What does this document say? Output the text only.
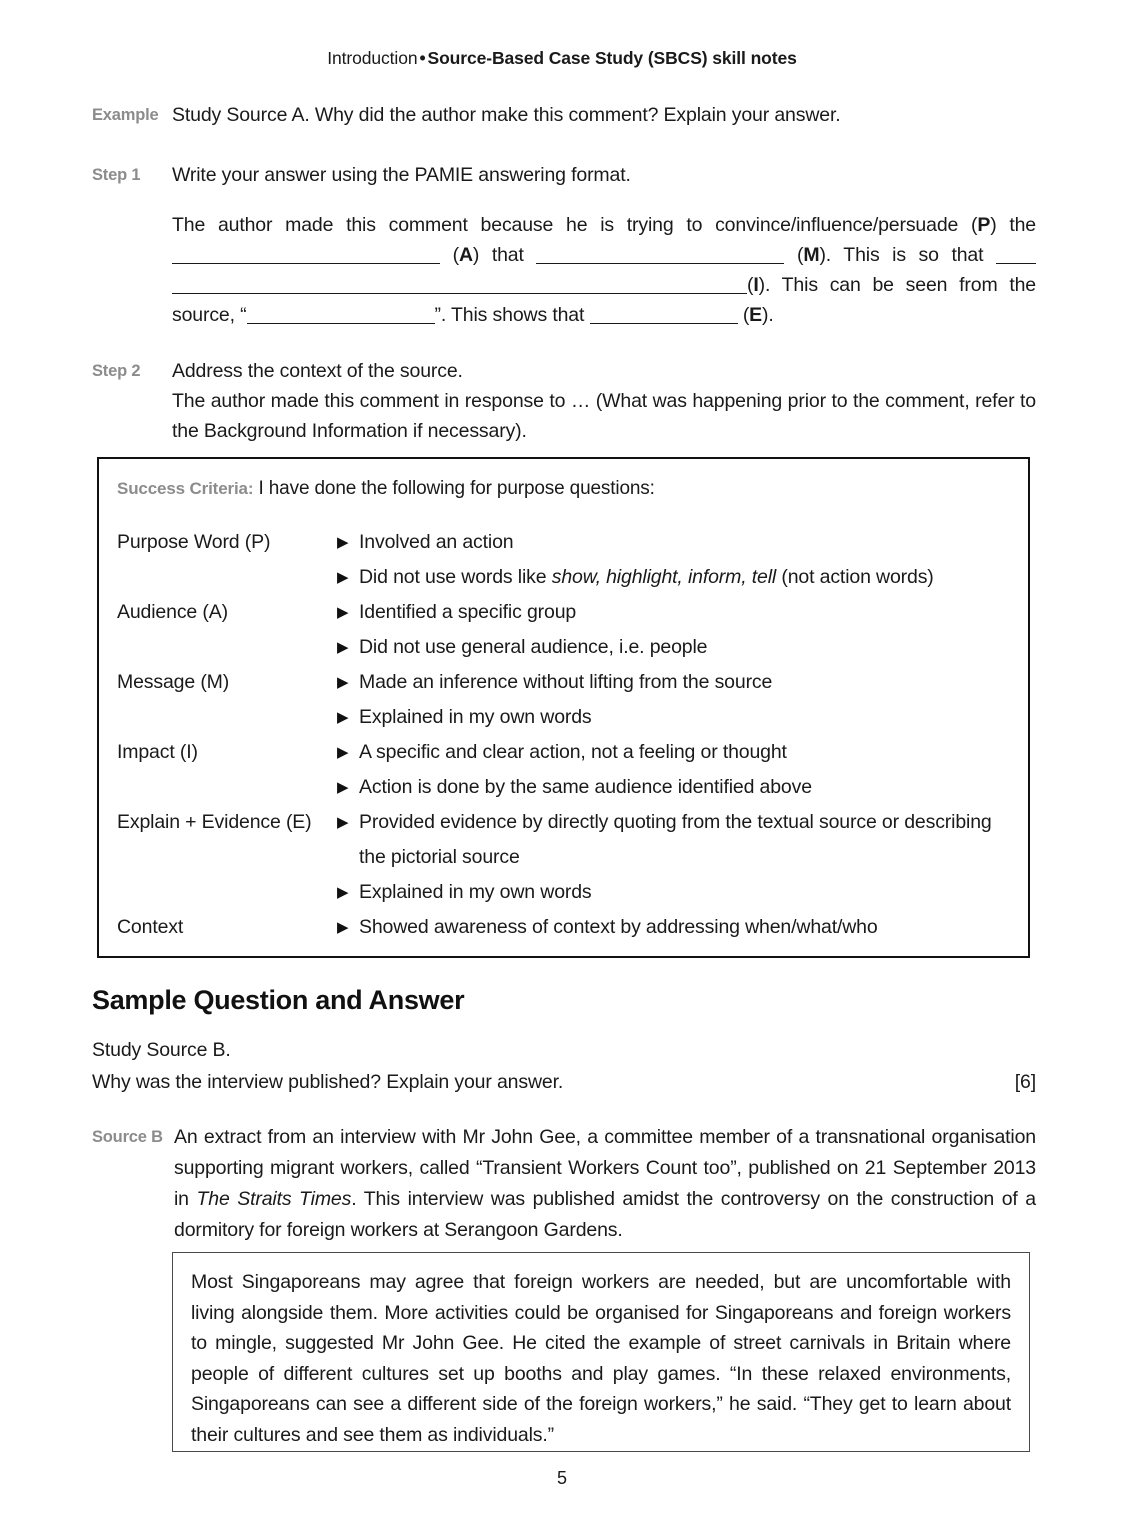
Introduction • Source-Based Case Study (SBCS) skill notes
Example Study Source A. Why did the author make this comment? Explain your answer.
Step 1	Write your answer using the PAMIE answering format.
The author made this comment because he is trying to convince/influence/persuade (P) the  (A) that	(M). This is so that  (I). This can be seen from the source, “	”. This shows that	(E).
Step 2	Address the context of the source.
The author made this comment in response to … (What was happening prior to the comment, refer to the Background Information if necessary).
Success Criteria: I have done the following for purpose questions:
Purpose Word (P)	▶ Involved an action
▶ Did not use words like show, highlight, inform, tell (not action words)
Audience (A)	▶ Identified a specific group
▶ Did not use general audience, i.e. people
Message (M)	▶ Made an inference without lifting from the source
▶ Explained in my own words
Impact (I)	▶ A specific and clear action, not a feeling or thought
▶ Action is done by the same audience identified above
Explain + Evidence (E)	▶ Provided evidence by directly quoting from the textual source or describing the pictorial source
▶ Explained in my own words
Context	▶ Showed awareness of context by addressing when/what/who
Sample Question and Answer
Study Source B.
Why was the interview published? Explain your answer.	[6]
Source B An extract from an interview with Mr John Gee, a committee member of a transnational organisation supporting migrant workers, called “Transient Workers Count too”, published on 21 September 2013 in The Straits Times. This interview was published amidst the controversy on the construction of a dormitory for foreign workers at Serangoon Gardens.
Most Singaporeans may agree that foreign workers are needed, but are uncomfortable with living alongside them. More activities could be organised for Singaporeans and foreign workers to mingle, suggested Mr John Gee. He cited the example of street carnivals in Britain where people of different cultures set up booths and play games. “In these relaxed environments, Singaporeans can see a different side of the foreign workers,” he said. “They get to learn about their cultures and see them as individuals.”
5
